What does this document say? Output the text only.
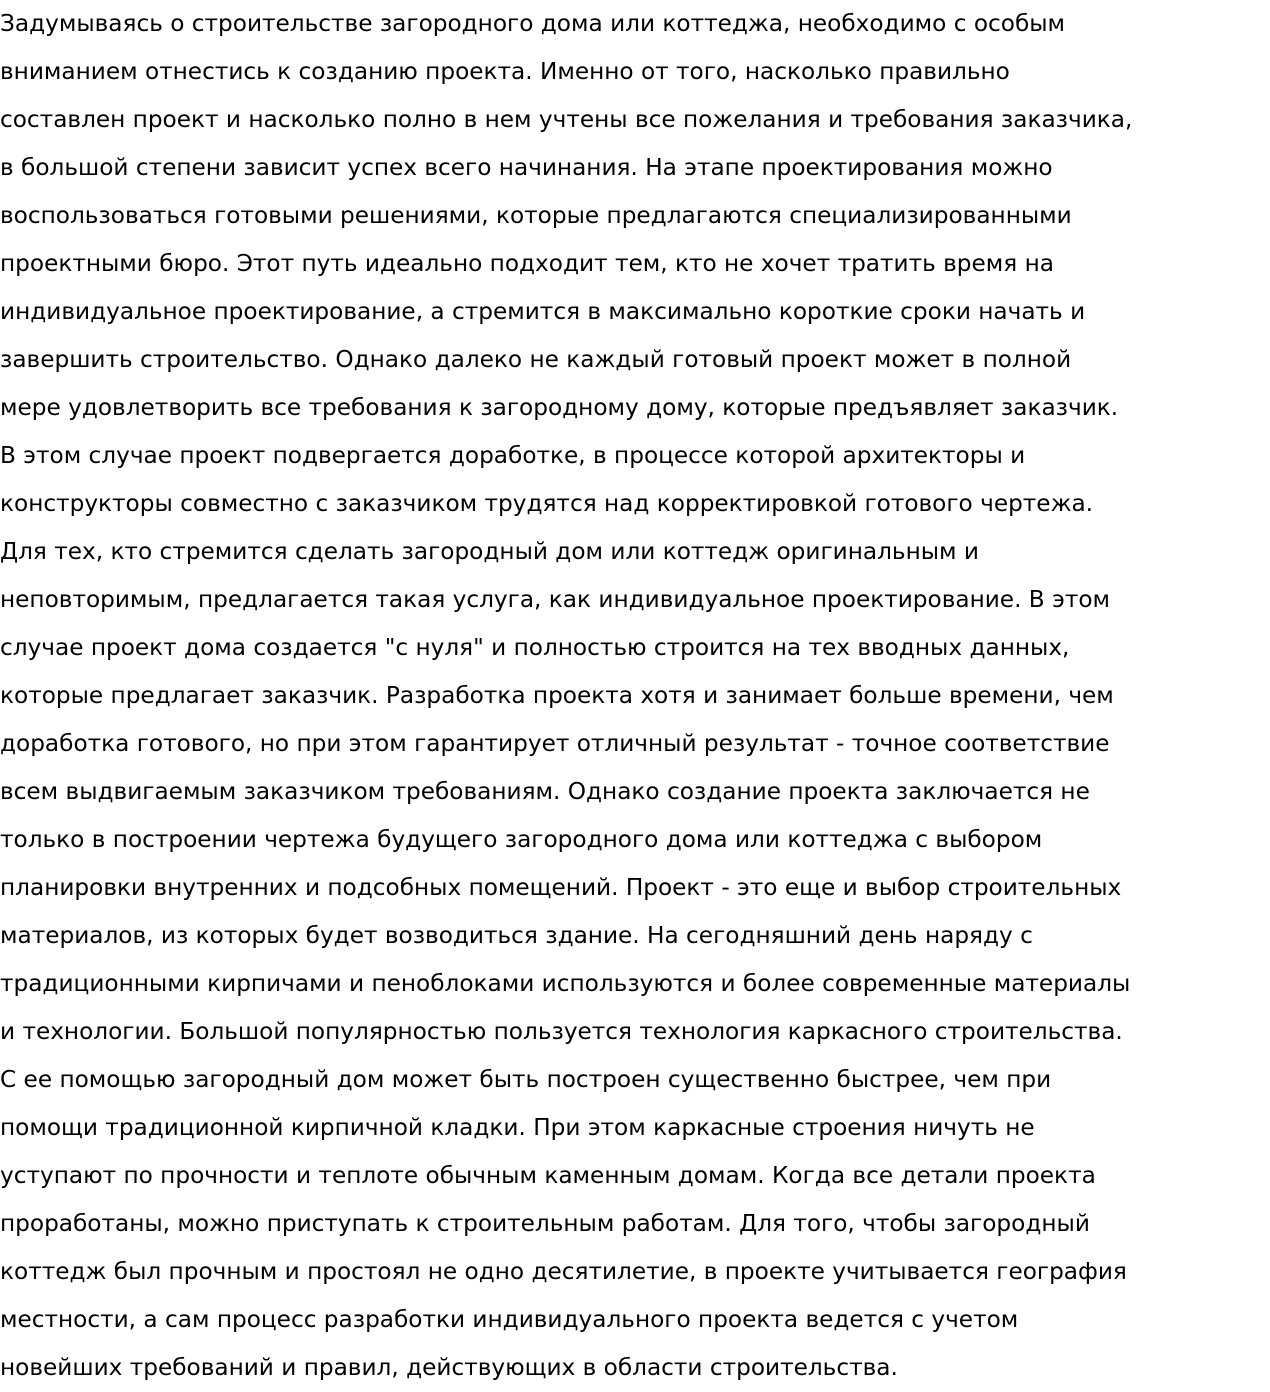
Задумываясь о строительстве загородного дома или коттеджа, необходимо с особым
вниманием отнестись к созданию проекта. Именно от того, насколько правильно
составлен проект и насколько полно в нем учтены все пожелания и требования заказчика,
в большой степени зависит успех всего начинания. На этапе проектирования можно
воспользоваться готовыми решениями, которые предлагаются специализированными
проектными бюро. Этот путь идеально подходит тем, кто не хочет тратить время на
индивидуальное проектирование, а стремится в максимально короткие сроки начать и
завершить строительство. Однако далеко не каждый готовый проект может в полной
мере удовлетворить все требования к загородному дому, которые предъявляет заказчик.
В этом случае проект подвергается доработке, в процессе которой архитекторы и
конструкторы совместно с заказчиком трудятся над корректировкой готового чертежа.
Для тех, кто стремится сделать загородный дом или коттедж оригинальным и
неповторимым, предлагается такая услуга, как индивидуальное проектирование. В этом
случае проект дома создается "с нуля" и полностью строится на тех вводных данных,
которые предлагает заказчик. Разработка проекта хотя и занимает больше времени, чем
доработка готового, но при этом гарантирует отличный результат - точное соответствие
всем выдвигаемым заказчиком требованиям. Однако создание проекта заключается не
только в построении чертежа будущего загородного дома или коттеджа с выбором
планировки внутренних и подсобных помещений. Проект - это еще и выбор строительных
материалов, из которых будет возводиться здание. На сегодняшний день наряду с
традиционными кирпичами и пеноблоками используются и более современные материалы
и технологии. Большой популярностью пользуется технология каркасного строительства.
С ее помощью загородный дом может быть построен существенно быстрее, чем при
помощи традиционной кирпичной кладки. При этом каркасные строения ничуть не
уступают по прочности и теплоте обычным каменным домам. Когда все детали проекта
проработаны, можно приступать к строительным работам. Для того, чтобы загородный
коттедж был прочным и простоял не одно десятилетие, в проекте учитывается география
местности, а сам процесс разработки индивидуального проекта ведется с учетом
новейших требований и правил, действующих в области строительства.
